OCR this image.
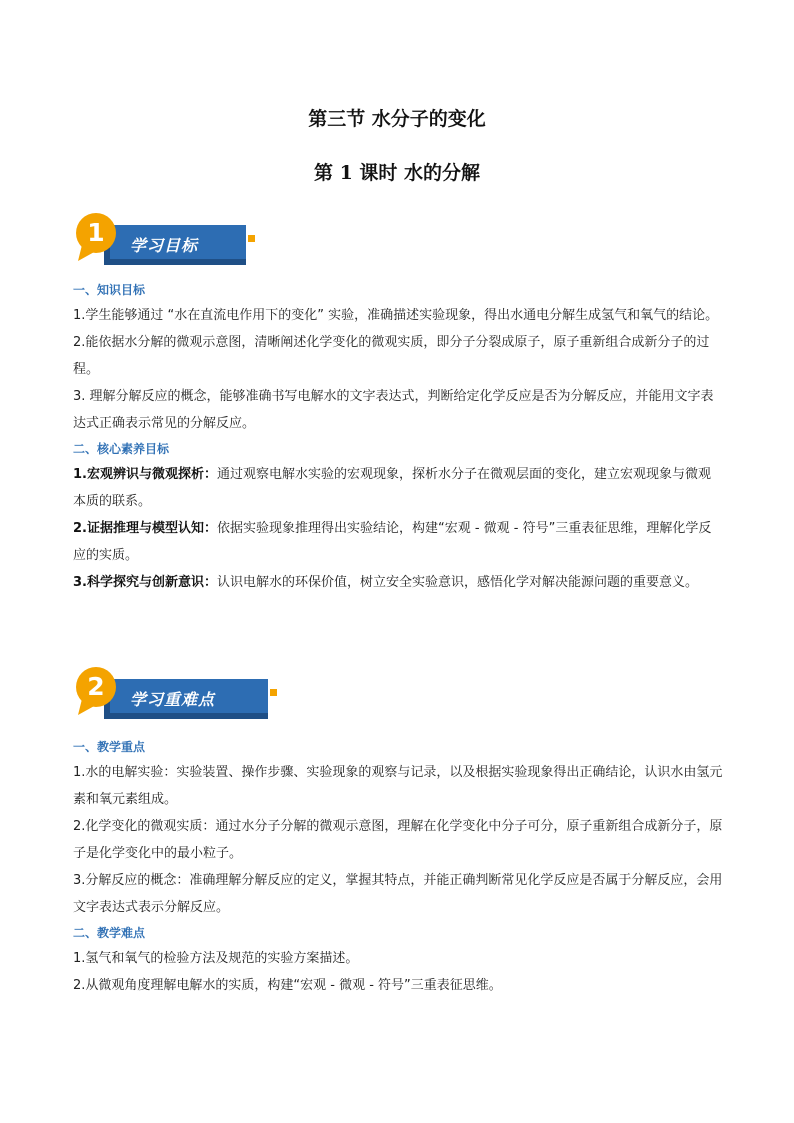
第三节 水分子的变化
第 1 课时 水的分解
1	学习目标
一、知识目标

1.学生能够通过 “水在直流电作用下的变化” 实验，准确描述实验现象，得出水通电分解生成氢气和氧气的结论。

2.能依据水分解的微观示意图，清晰阐述化学变化的微观实质，即分子分裂成原子，原子重新组合成新分子的过程。

3. 理解分解反应的概念，能够准确书写电解水的文字表达式，判断给定化学反应是否为分解反应，并能用文字表达式正确表示常见的分解反应。

二、核心素养目标

1.宏观辨识与微观探析：通过观察电解水实验的宏观现象，探析水分子在微观层面的变化，建立宏观现象与微观本质的联系。

2.证据推理与模型认知：依据实验现象推理得出实验结论，构建“宏观 - 微观 - 符号”三重表征思维，理解化学反应的实质。

3.科学探究与创新意识：认识电解水的环保价值，树立安全实验意识，感悟化学对解决能源问题的重要意义。

2	学习重难点
一、教学重点

1.水的电解实验：实验装置、操作步骤、实验现象的观察与记录，以及根据实验现象得出正确结论，认识水由氢元素和氧元素组成。

2.化学变化的微观实质：通过水分子分解的微观示意图，理解在化学变化中分子可分，原子重新组合成新分子，原子是化学变化中的最小粒子。

3.分解反应的概念：准确理解分解反应的定义，掌握其特点，并能正确判断常见化学反应是否属于分解反应，会用文字表达式表示分解反应。

二、教学难点

1.氢气和氧气的检验方法及规范的实验方案描述。

2.从微观角度理解电解水的实质，构建“宏观 - 微观 - 符号”三重表征思维。
